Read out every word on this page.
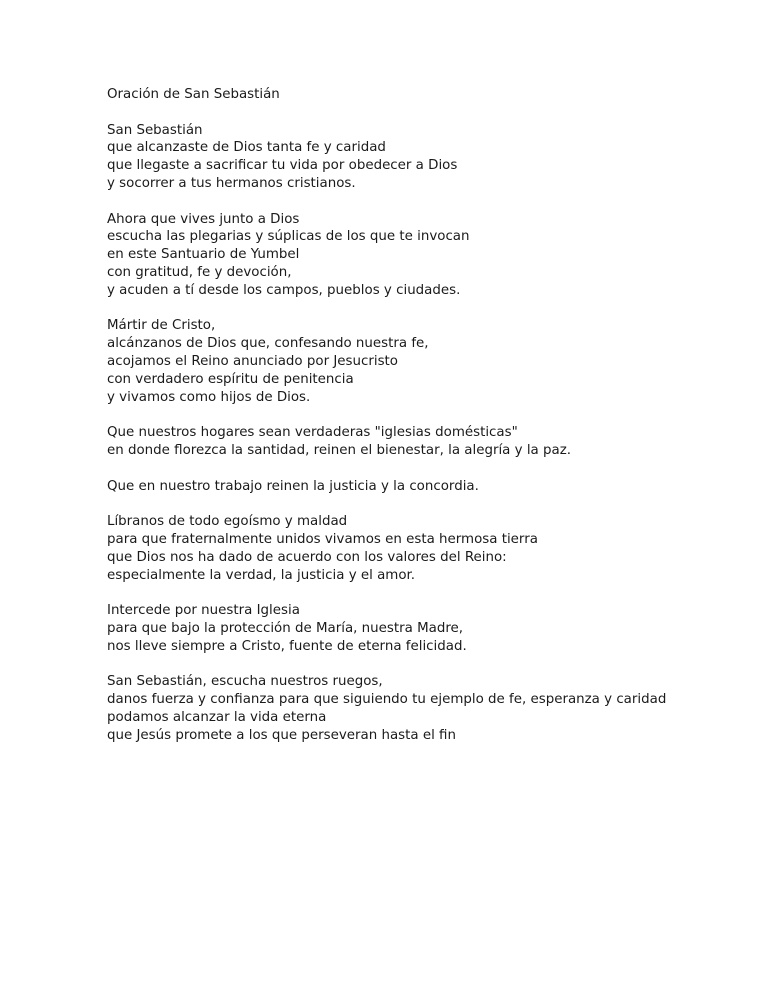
Oración de San Sebastián
San Sebastián
que alcanzaste de Dios tanta fe y caridad
que llegaste a sacrificar tu vida por obedecer a Dios
y socorrer a tus hermanos cristianos.
Ahora que vives junto a Dios
escucha las plegarias y súplicas de los que te invocan
en este Santuario de Yumbel
con gratitud, fe y devoción,
y acuden a tí desde los campos, pueblos y ciudades.
Mártir de Cristo,
alcánzanos de Dios que, confesando nuestra fe,
acojamos el Reino anunciado por Jesucristo
con verdadero espíritu de penitencia
y vivamos como hijos de Dios.
Que nuestros hogares sean verdaderas "iglesias domésticas"
en donde florezca la santidad, reinen el bienestar, la alegría y la paz.
Que en nuestro trabajo reinen la justicia y la concordia.
Líbranos de todo egoísmo y maldad
para que fraternalmente unidos vivamos en esta hermosa tierra
que Dios nos ha dado de acuerdo con los valores del Reino:
especialmente la verdad, la justicia y el amor.
Intercede por nuestra Iglesia
para que bajo la protección de María, nuestra Madre,
nos lleve siempre a Cristo, fuente de eterna felicidad.
San Sebastián, escucha nuestros ruegos,
danos fuerza y confianza para que siguiendo tu ejemplo de fe, esperanza y caridad
podamos alcanzar la vida eterna
que Jesús promete a los que perseveran hasta el fin
